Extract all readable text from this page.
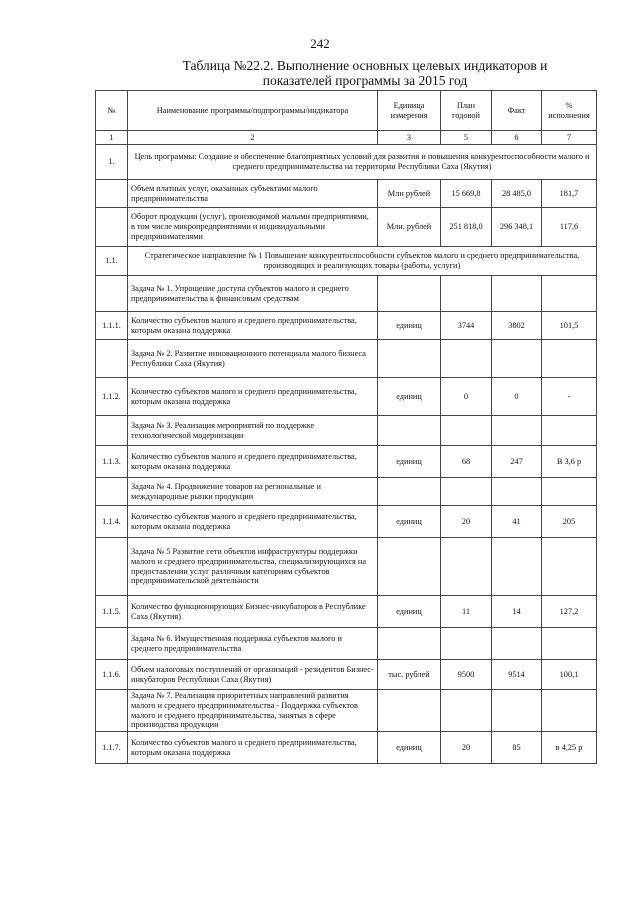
242
Таблица №22.2. Выполнение основных целевых индикаторов и
показателей программы за 2015 год
№	Наименование программы/подпрограммы/индикатора	Единица измерения	План годовой	Факт	% исполнения
1	2	3	5	6	7
1.	Цель программы: Создание и обеспечение благоприятных условий для развития и повышения конкурентоспособности малого и среднего предпринимательства на территории Республики Саха (Якутия)				
	Объем платных услуг, оказанных субъектами малого предпринимательства	Млн рублей	15 669,8	28 485,0	181,7
	Оборот продукции (услуг), производимой малыми предприятиями, в том числе микропредприятиями и индивидуальными предпринимателями	Млн. рублей	251 818,0	296 348,1	117,6
1.1.	Стратегическое направление № 1 Повышение конкурентоспособности субъектов малого и среднего предпринимательства, производящих и реализующих товары (работы, услуги)				
	Задача № 1. Упрощение доступа субъектов малого и среднего предпринимательства к финансовым средствам				
1.1.1.	Количество субъектов малого и среднего предпринимательства, которым оказана поддержка	единиц	3744	3802	101,5
	Задача № 2. Развитие инновационного потенциала малого бизнеса Республики Саха (Якутия)				
1.1.2.	Количество субъектов малого и среднего предпринимательства, которым оказана поддержка	единиц	0	0	-
	Задача № 3. Реализация мероприятий по поддержке технологической модернизации				
1.1.3.	Количество субъектов малого и среднего предпринимательства, которым оказана поддержка	единиц	68	247	В 3,6 р
	Задача № 4. Продвижение товаров на региональные и международные рынки продукции				
1.1.4.	Количество субъектов малого и среднего предпринимательства, которым оказана поддержка	единиц	20	41	205
	Задача № 5 Развитие сети объектов инфраструктуры поддержки малого и среднего предпринимательства, специализирующихся на предоставлении услуг различным категориям субъектов предпринимательской деятельности				
1.1.5.	Количество функционирующих Бизнес-инкубаторов в Республике Саха (Якутия)	единиц	11	14	127,2
	Задача № 6. Имущественная поддержка субъектов малого и среднего предпринимательства				
1.1.6.	Объем налоговых поступлений от организаций - резидентов Бизнес-инкубаторов Республики Саха (Якутия)	тыс. рублей	9500	9514	100,1
	Задача № 7. Реализация приоритетных направлений развития малого и среднего предпринимательства - Поддержка субъектов малого и среднего предпринимательства, занятых в сфере производства продукции				
1.1.7.	Количество субъектов малого и среднего предпринимательства, которым оказана поддержка	единиц	20	85	в 4,25 р
